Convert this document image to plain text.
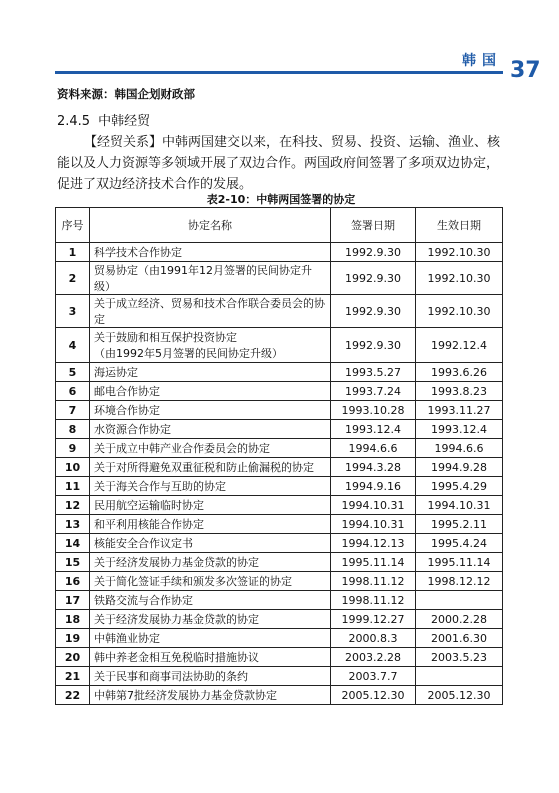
韩国 37
资料来源：韩国企划财政部
2.4.5 中韩经贸
【经贸关系】中韩两国建交以来，在科技、贸易、投资、运输、渔业、核能以及人力资源等多领域开展了双边合作。两国政府间签署了多项双边协定，促进了双边经济技术合作的发展。
表2-10：中韩两国签署的协定
序号	协定名称	签署日期	生效日期
1	科学技术合作协定	1992.9.30	1992.10.30
2	贸易协定（由1991年12月签署的民间协定升级）	1992.9.30	1992.10.30
3	关于成立经济、贸易和技术合作联合委员会的协定	1992.9.30	1992.10.30
4	关于鼓励和相互保护投资协定
（由1992年5月签署的民间协定升级）	1992.9.30	1992.12.4
5	海运协定	1993.5.27	1993.6.26
6	邮电合作协定	1993.7.24	1993.8.23
7	环境合作协定	1993.10.28	1993.11.27
8	水资源合作协定	1993.12.4	1993.12.4
9	关于成立中韩产业合作委员会的协定	1994.6.6	1994.6.6
10	关于对所得避免双重征税和防止偷漏税的协定	1994.3.28	1994.9.28
11	关于海关合作与互助的协定	1994.9.16	1995.4.29
12	民用航空运输临时协定	1994.10.31	1994.10.31
13	和平利用核能合作协定	1994.10.31	1995.2.11
14	核能安全合作议定书	1994.12.13	1995.4.24
15	关于经济发展协力基金贷款的协定	1995.11.14	1995.11.14
16	关于简化签证手续和颁发多次签证的协定	1998.11.12	1998.12.12
17	铁路交流与合作协定	1998.11.12	
18	关于经济发展协力基金贷款的协定	1999.12.27	2000.2.28
19	中韩渔业协定	2000.8.3	2001.6.30
20	韩中养老金相互免税临时措施协议	2003.2.28	2003.5.23
21	关于民事和商事司法协助的条约	2003.7.7	
22	中韩第7批经济发展协力基金贷款协定	2005.12.30	2005.12.30
